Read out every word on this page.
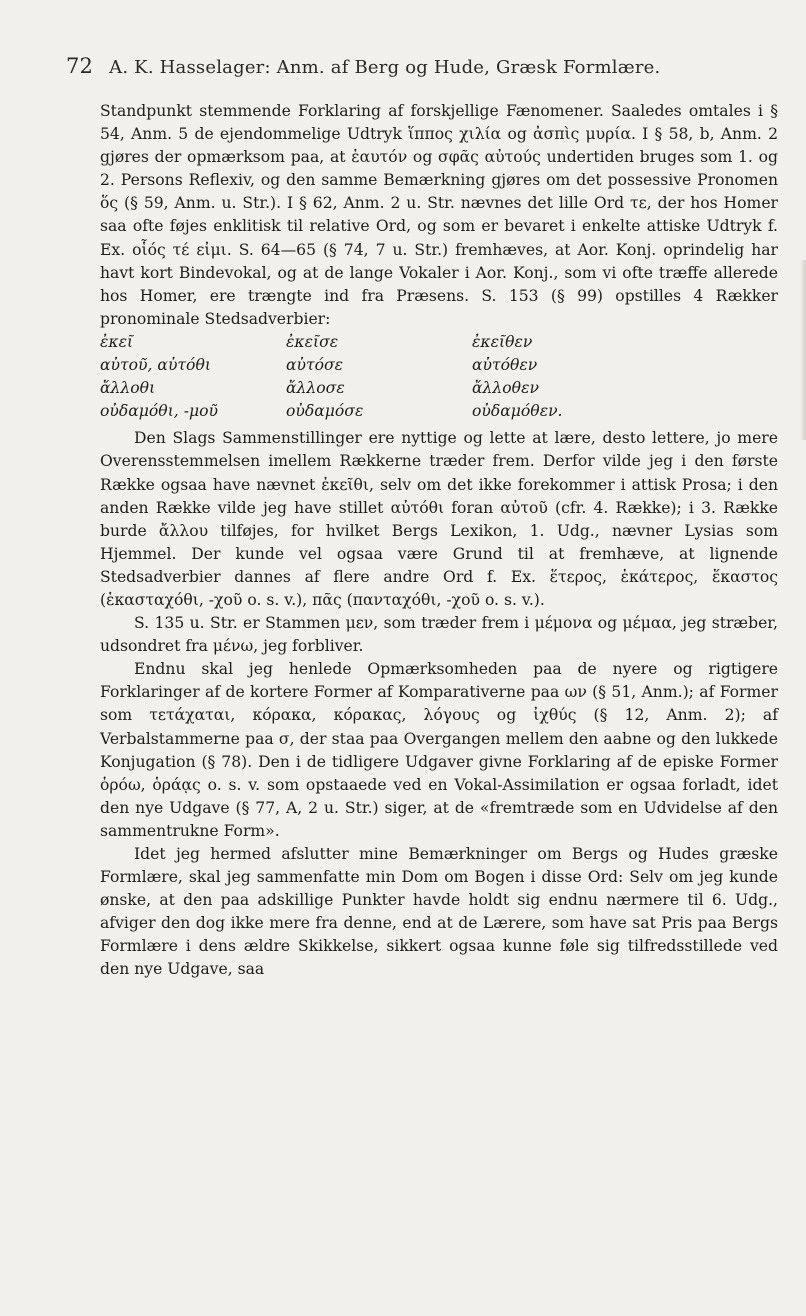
72 A. K. Hasselager: Anm. af Berg og Hude, Græsk Formlære.

Standpunkt stemmende Forklaring af forskjellige Fænomener. Saaledes omtales i § 54, Anm. 5 de ejendommelige Udtryk ἵππος χιλία og ἀσπὶς μυρία. I § 58, b, Anm. 2 gjøres der opmærksom paa, at ἑαυτόν og σφᾶς αὐτούς undertiden bruges som 1. og 2. Persons Reflexiv, og den samme Bemærkning gjøres om det possessive Pronomen ὅς (§ 59, Anm. u. Str.). I § 62, Anm. 2 u. Str. nævnes det lille Ord τε, der hos Homer saa ofte føjes enklitisk til relative Ord, og som er bevaret i enkelte attiske Udtryk f. Ex. οἷός τέ εἰμι. S. 64—65 (§ 74, 7 u. Str.) fremhæves, at Aor. Konj. oprindelig har havt kort Bindevokal, og at de lange Vokaler i Aor. Konj., som vi ofte træffe allerede hos Homer, ere trængte ind fra Præsens. S. 153 (§ 99) opstilles 4 Rækker pronominale Stedsadverbier:

ἐκεῖ	ἐκεῖσε	ἐκεῖθεν
αὐτοῦ, αὐτόθι	αὐτόσε	αὐτόθεν
ἄλλοθι	ἄλλοσε	ἄλλοθεν
οὐδαμόθι, -μοῦ	οὐδαμόσε	οὐδαμόθεν.

Den Slags Sammenstillinger ere nyttige og lette at lære, desto lettere, jo mere Overensstemmelsen imellem Rækkerne træder frem. Derfor vilde jeg i den første Række ogsaa have nævnet ἐκεῖθι, selv om det ikke forekommer i attisk Prosa; i den anden Række vilde jeg have stillet αὐτόθι foran αὐτοῦ (cfr. 4. Række); i 3. Række burde ἄλλου tilføjes, for hvilket Bergs Lexikon, 1. Udg., nævner Lysias som Hjemmel. Der kunde vel ogsaa være Grund til at fremhæve, at lignende Stedsadverbier dannes af flere andre Ord f. Ex. ἕτερος, ἑκάτερος, ἕκαστος (ἑκασταχόθι, -χοῦ o. s. v.), πᾶς (πανταχόθι, -χοῦ o. s. v.).

S. 135 u. Str. er Stammen μεν, som træder frem i μέμονα og μέμαα, jeg stræber, udsondret fra μένω, jeg forbliver.

Endnu skal jeg henlede Opmærksomheden paa de nyere og rigtigere Forklaringer af de kortere Former af Komparativerne paa ων (§ 51, Anm.); af Former som τετάχαται, κόρακα, κόρακας, λόγους og ἰχθύς (§ 12, Anm. 2); af Verbalstammerne paa σ, der staa paa Overgangen mellem den aabne og den lukkede Konjugation (§ 78). Den i de tidligere Udgaver givne Forklaring af de episke Former ὁρόω, ὁράᾳς o. s. v. som opstaaede ved en Vokal-Assimilation er ogsaa forladt, idet den nye Udgave (§ 77, A, 2 u. Str.) siger, at de «fremtrædе som en Udvidelse af den sammentrukne Form».

Idet jeg hermed afslutter mine Bemærkninger om Bergs og Hudes græske Formlære, skal jeg sammenfatte min Dom om Bogen i disse Ord: Selv om jeg kunde ønske, at den paa adskillige Punkter havde holdt sig endnu nærmere til 6. Udg., afviger den dog ikke mere fra denne, end at de Lærere, som have sat Pris paa Bergs Formlære i dens ældre Skikkelse, sikkert ogsaa kunne føle sig tilfredsstillede ved den nye Udgave, saa
